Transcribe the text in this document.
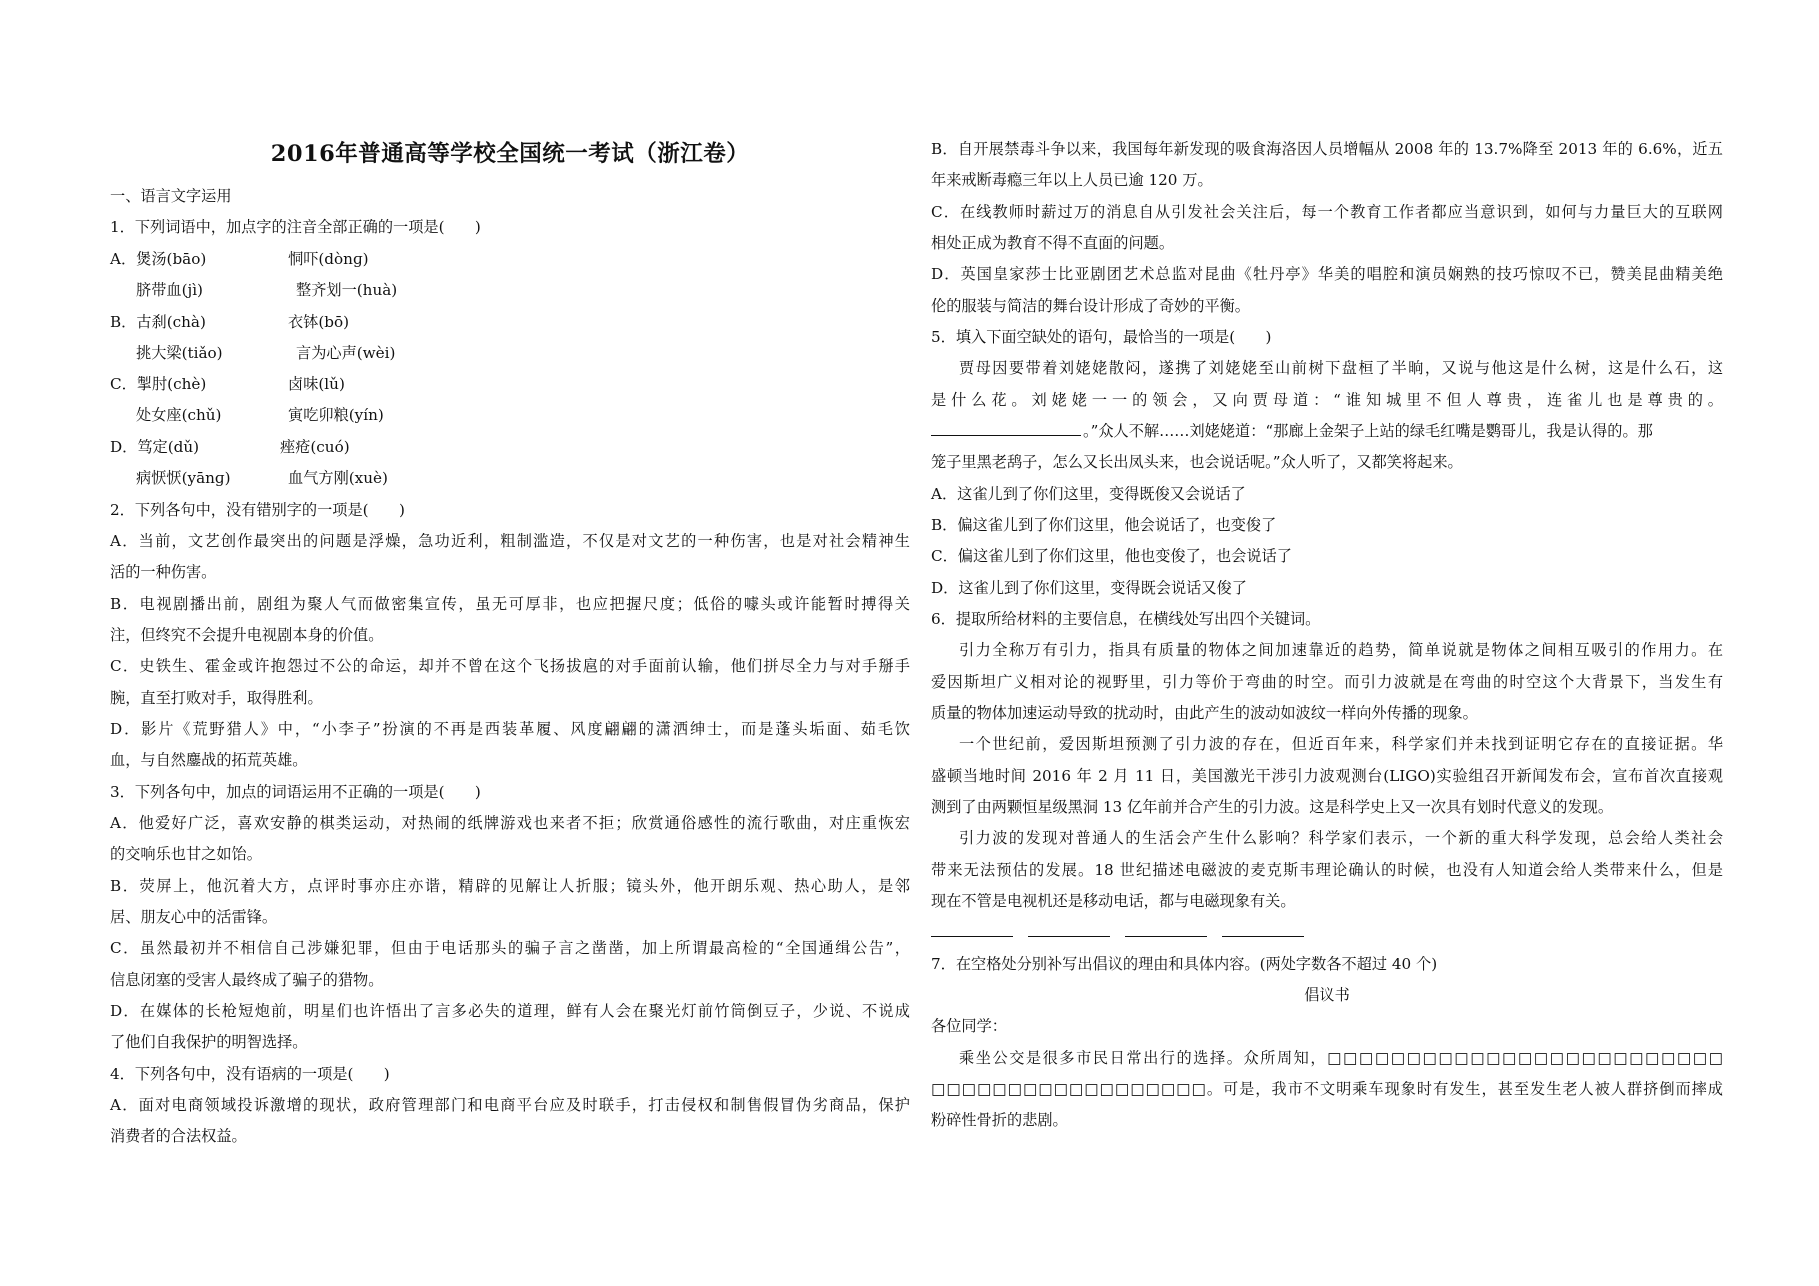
2016年普通高等学校全国统一考试（浙江卷）
一、语言文字运用
1．下列词语中，加点字的注音全部正确的一项是(　　)
A．煲汤(bāo)	恫吓(dònɡ)
脐带血(jì)	整齐划一(huà)
B．古刹(chà)	衣钵(bō)
挑大梁(tiǎo)	言为心声(wèi)
C．掣肘(chè)	卤味(lǔ)
处女座(chǔ)	寅吃卯粮(yín)
D．笃定(dǔ)	痤疮(cuó)
病恹恹(yānɡ)	血气方刚(xuè)
2．下列各句中，没有错别字的一项是(　　)
A．当前，文艺创作最突出的问题是浮燥，急功近利，粗制滥造，不仅是对文艺的一种伤害，也是对社会精神生
活的一种伤害。
B．电视剧播出前，剧组为聚人气而做密集宣传，虽无可厚非，也应把握尺度；低俗的噱头或许能暂时搏得关
注，但终究不会提升电视剧本身的价值。
C．史铁生、霍金或许抱怨过不公的命运，却并不曾在这个飞扬拔扈的对手面前认输，他们拼尽全力与对手掰手
腕，直至打败对手，取得胜利。
D．影片《荒野猎人》中，“小李子”扮演的不再是西装革履、风度翩翩的潇洒绅士，而是蓬头垢面、茹毛饮
血，与自然鏖战的拓荒英雄。
3．下列各句中，加点的词语运用不正确的一项是(　　)
A．他爱好广泛，喜欢安静的棋类运动，对热闹的纸牌游戏也来者不拒；欣赏通俗感性的流行歌曲，对庄重恢宏
的交响乐也甘之如饴。
B．荧屏上，他沉着大方，点评时事亦庄亦谐，精辟的见解让人折服；镜头外，他开朗乐观、热心助人，是邻
居、朋友心中的活雷锋。
C．虽然最初并不相信自己涉嫌犯罪，但由于电话那头的骗子言之凿凿，加上所谓最高检的“全国通缉公告”，
信息闭塞的受害人最终成了骗子的猎物。
D．在媒体的长枪短炮前，明星们也许悟出了言多必失的道理，鲜有人会在聚光灯前竹筒倒豆子，少说、不说成
了他们自我保护的明智选择。
4．下列各句中，没有语病的一项是(　　)
A．面对电商领域投诉激增的现状，政府管理部门和电商平台应及时联手，打击侵权和制售假冒伪劣商品，保护
消费者的合法权益。
B．自开展禁毒斗争以来，我国每年新发现的吸食海洛因人员增幅从 2008 年的 13.7%降至 2013 年的 6.6%，近五
年来戒断毒瘾三年以上人员已逾 120 万。
C．在线教师时薪过万的消息自从引发社会关注后，每一个教育工作者都应当意识到，如何与力量巨大的互联网
相处正成为教育不得不直面的问题。
D．英国皇家莎士比亚剧团艺术总监对昆曲《牡丹亭》华美的唱腔和演员娴熟的技巧惊叹不已，赞美昆曲精美绝
伦的服装与简洁的舞台设计形成了奇妙的平衡。
5．填入下面空缺处的语句，最恰当的一项是(　　)
贾母因要带着刘姥姥散闷，遂携了刘姥姥至山前树下盘桓了半晌，又说与他这是什么树，这是什么石，这
是什么花。刘姥姥一一的领会，又向贾母道：“谁知城里不但人尊贵，连雀儿也是尊贵的。
。”众人不解……刘姥姥道：“那廊上金架子上站的绿毛红嘴是鹦哥儿，我是认得的。那
笼子里黑老鸹子，怎么又长出凤头来，也会说话呢。”众人听了，又都笑将起来。
A．这雀儿到了你们这里，变得既俊又会说话了
B．偏这雀儿到了你们这里，他会说话了，也变俊了
C．偏这雀儿到了你们这里，他也变俊了，也会说话了
D．这雀儿到了你们这里，变得既会说话又俊了
6．提取所给材料的主要信息，在横线处写出四个关键词。
引力全称万有引力，指具有质量的物体之间加速靠近的趋势，简单说就是物体之间相互吸引的作用力。在
爱因斯坦广义相对论的视野里，引力等价于弯曲的时空。而引力波就是在弯曲的时空这个大背景下，当发生有
质量的物体加速运动导致的扰动时，由此产生的波动如波纹一样向外传播的现象。
一个世纪前，爱因斯坦预测了引力波的存在，但近百年来，科学家们并未找到证明它存在的直接证据。华
盛顿当地时间 2016 年 2 月 11 日，美国激光干涉引力波观测台(LIGO)实验组召开新闻发布会，宣布首次直接观
测到了由两颗恒星级黑洞 13 亿年前并合产生的引力波。这是科学史上又一次具有划时代意义的发现。
引力波的发现对普通人的生活会产生什么影响？科学家们表示，一个新的重大科学发现，总会给人类社会
带来无法预估的发展。18 世纪描述电磁波的麦克斯韦理论确认的时候，也没有人知道会给人类带来什么，但是
现在不管是电视机还是移动电话，都与电磁现象有关。
7．在空格处分别补写出倡议的理由和具体内容。(两处字数各不超过 40 个)
倡议书
各位同学：
乘坐公交是很多市民日常出行的选择。众所周知，□□□□□□□□□□□□□□□□□□□□□□□□□
□□□□□□□□□□□□□□□□□□。可是，我市不文明乘车现象时有发生，甚至发生老人被人群挤倒而摔成
粉碎性骨折的悲剧。
